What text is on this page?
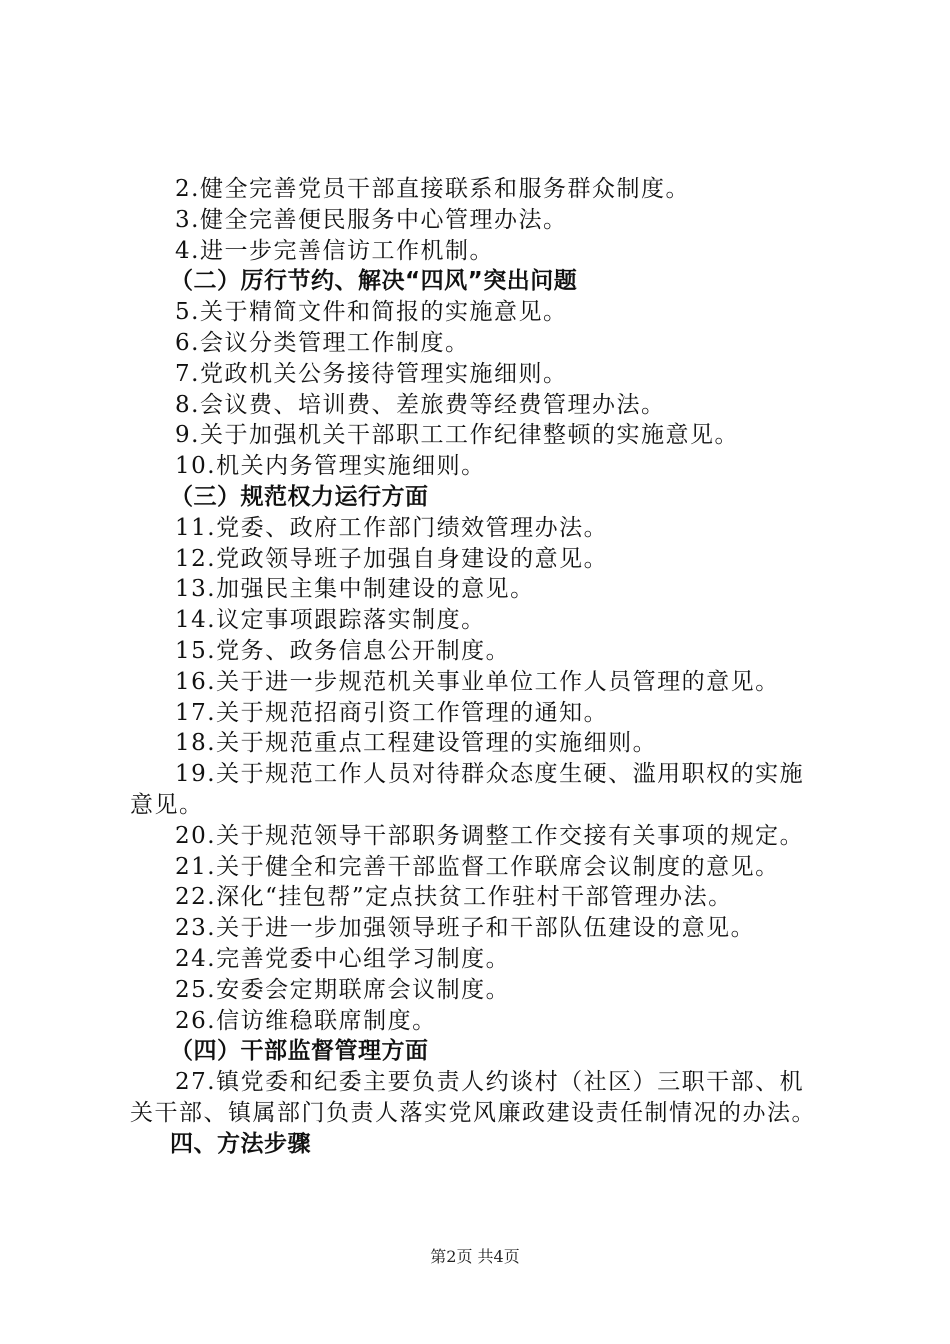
2.健全完善党员干部直接联系和服务群众制度。
3.健全完善便民服务中心管理办法。
4.进一步完善信访工作机制。
（二）厉行节约、解决“四风”突出问题
5.关于精简文件和简报的实施意见。
6.会议分类管理工作制度。
7.党政机关公务接待管理实施细则。
8.会议费、培训费、差旅费等经费管理办法。
9.关于加强机关干部职工工作纪律整顿的实施意见。
10.机关内务管理实施细则。
（三）规范权力运行方面
11.党委、政府工作部门绩效管理办法。
12.党政领导班子加强自身建设的意见。
13.加强民主集中制建设的意见。
14.议定事项跟踪落实制度。
15.党务、政务信息公开制度。
16.关于进一步规范机关事业单位工作人员管理的意见。
17.关于规范招商引资工作管理的通知。
18.关于规范重点工程建设管理的实施细则。
19.关于规范工作人员对待群众态度生硬、滥用职权的实施
意见。
20.关于规范领导干部职务调整工作交接有关事项的规定。
21.关于健全和完善干部监督工作联席会议制度的意见。
22.深化“挂包帮”定点扶贫工作驻村干部管理办法。
23.关于进一步加强领导班子和干部队伍建设的意见。
24.完善党委中心组学习制度。
25.安委会定期联席会议制度。
26.信访维稳联席制度。
（四）干部监督管理方面
27.镇党委和纪委主要负责人约谈村（社区）三职干部、机
关干部、镇属部门负责人落实党风廉政建设责任制情况的办法。
四、方法步骤
第2页 共4页
